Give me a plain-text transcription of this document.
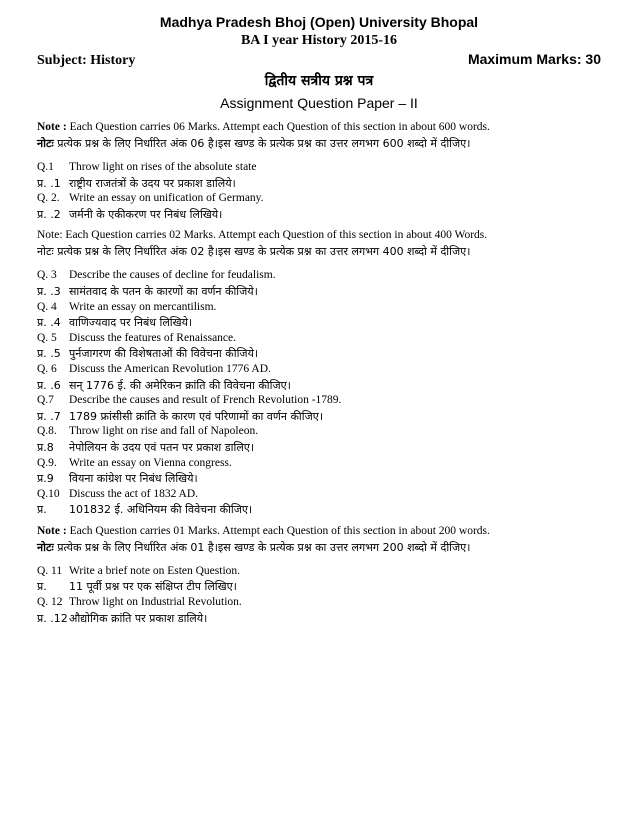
Madhya Pradesh Bhoj (Open) University Bhopal
BA I year History 2015-16
Subject: History	Maximum Marks: 30
द्वितीय सत्रीय प्रश्न पत्र
Assignment Question Paper – II
Note : Each Question carries 06 Marks. Attempt each Question of this section in about 600 words.
नोटः प्रत्येक प्रश्न के लिए निर्धारित अंक 06 है।इस खण्ड के प्रत्येक प्रश्न का उत्तर लगभग 600 शब्दो में दीजिए।
Q.1	Throw light on rises of the absolute state
प्र. .1 राष्ट्रीय राजतंत्रों के उदय पर प्रकाश डालिये।
Q. 2. Write an essay on unification of Germany.
प्र. .2 जर्मनी के एकीकरण पर निबंध लिखिये।
Note: Each Question carries 02 Marks. Attempt each Question of this section in about 400 Words.
नोटः प्रत्येक प्रश्न के लिए निर्धारित अंक 02 है।इस खण्ड के प्रत्येक प्रश्न का उत्तर लगभग 400 शब्दो में दीजिए।
Q. 3	Describe the causes of decline for feudalism.
प्र. .3 सामंतवाद के पतन के कारणों का वर्णन कीजिये।
Q. 4	Write an essay on mercantilism.
प्र. .4 वाणिज्यवाद पर निबंध लिखिये।
Q. 5	Discuss the features of Renaissance.
प्र. .5 पुर्नजागरण की विशेषताओं की विवेचना कीजिये।
Q. 6	Discuss the American Revolution 1776 AD.
प्र. .6 सन् 1776 ई. की अमेरिकन क्रांति की विवेचना कीजिए।
Q.7	Describe the causes and result of French Revolution -1789.
प्र. .7 1789 फ्रांसीसी क्रांति के कारण एवं परिणामों का वर्णन कीजिए।
Q.8.	Throw light on rise and fall of Napoleon.
प्र.8	नेपोलियन के उदय एवं पतन पर प्रकाश डालिए।
Q.9.	Write an essay on Vienna congress.
प्र.9	वियना कांग्रेश पर निबंध लिखिये।
Q.10 Discuss the act of 1832 AD.
प्र.	101832 ई. अधिनियम की विवेचना कीजिए।
Note : Each Question carries 01 Marks. Attempt each Question of this section in about 200 words.
नोटः प्रत्येक प्रश्न के लिए निर्धारित अंक 01 है।इस खण्ड के प्रत्येक प्रश्न का उत्तर लगभग 200 शब्दो में दीजिए।
Q. 11 Write a brief note on Esten Question.
प्र.	11 पूर्वी प्रश्न पर एक संक्षिप्त टीप लिखिए।
Q. 12 Throw light on Industrial Revolution.
प्र. .12 औद्योगिक क्रांति पर प्रकाश डालिये।
